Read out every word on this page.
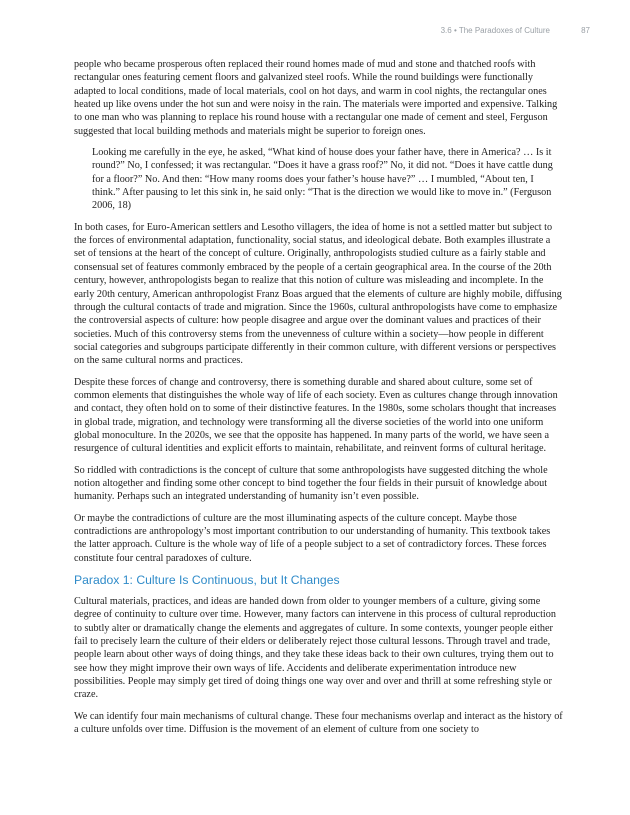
3.6 • The Paradoxes of Culture	87

people who became prosperous often replaced their round homes made of mud and stone and thatched roofs with rectangular ones featuring cement floors and galvanized steel roofs. While the round buildings were functionally adapted to local conditions, made of local materials, cool on hot days, and warm in cool nights, the rectangular ones heated up like ovens under the hot sun and were noisy in the rain. The materials were imported and expensive. Talking to one man who was planning to replace his round house with a rectangular one made of cement and steel, Ferguson suggested that local building methods and materials might be superior to foreign ones.

Looking me carefully in the eye, he asked, “What kind of house does your father have, there in America? … Is it round?” No, I confessed; it was rectangular. “Does it have a grass roof?” No, it did not. “Does it have cattle dung for a floor?” No. And then: “How many rooms does your father’s house have?” … I mumbled, “About ten, I think.” After pausing to let this sink in, he said only: “That is the direction we would like to move in.” (Ferguson 2006, 18)

In both cases, for Euro-American settlers and Lesotho villagers, the idea of home is not a settled matter but subject to the forces of environmental adaptation, functionality, social status, and ideological debate. Both examples illustrate a set of tensions at the heart of the concept of culture. Originally, anthropologists studied culture as a fairly stable and consensual set of features commonly embraced by the people of a certain geographical area. In the course of the 20th century, however, anthropologists began to realize that this notion of culture was misleading and incomplete. In the early 20th century, American anthropologist Franz Boas argued that the elements of culture are highly mobile, diffusing through the cultural contacts of trade and migration. Since the 1960s, cultural anthropologists have come to emphasize the controversial aspects of culture: how people disagree and argue over the dominant values and practices of their societies. Much of this controversy stems from the unevenness of culture within a society—how people in different social categories and subgroups participate differently in their common culture, with different versions or perspectives on the same cultural norms and practices.

Despite these forces of change and controversy, there is something durable and shared about culture, some set of common elements that distinguishes the whole way of life of each society. Even as cultures change through innovation and contact, they often hold on to some of their distinctive features. In the 1980s, some scholars thought that increases in global trade, migration, and technology were transforming all the diverse societies of the world into one uniform global monoculture. In the 2020s, we see that the opposite has happened. In many parts of the world, we have seen a resurgence of cultural identities and explicit efforts to maintain, rehabilitate, and reinvent forms of cultural heritage.

So riddled with contradictions is the concept of culture that some anthropologists have suggested ditching the whole notion altogether and finding some other concept to bind together the four fields in their pursuit of knowledge about humanity. Perhaps such an integrated understanding of humanity isn’t even possible.

Or maybe the contradictions of culture are the most illuminating aspects of the culture concept. Maybe those contradictions are anthropology’s most important contribution to our understanding of humanity. This textbook takes the latter approach. Culture is the whole way of life of a people subject to a set of contradictory forces. These forces constitute four central paradoxes of culture.

Paradox 1: Culture Is Continuous, but It Changes

Cultural materials, practices, and ideas are handed down from older to younger members of a culture, giving some degree of continuity to culture over time. However, many factors can intervene in this process of cultural reproduction to subtly alter or dramatically change the elements and aggregates of culture. In some contexts, younger people either fail to precisely learn the culture of their elders or deliberately reject those cultural lessons. Through travel and trade, people learn about other ways of doing things, and they take these ideas back to their own cultures, trying them out to see how they might improve their own ways of life. Accidents and deliberate experimentation introduce new possibilities. People may simply get tired of doing things one way over and over and thrill at some refreshing style or craze.

We can identify four main mechanisms of cultural change. These four mechanisms overlap and interact as the history of a culture unfolds over time. Diffusion is the movement of an element of culture from one society to
